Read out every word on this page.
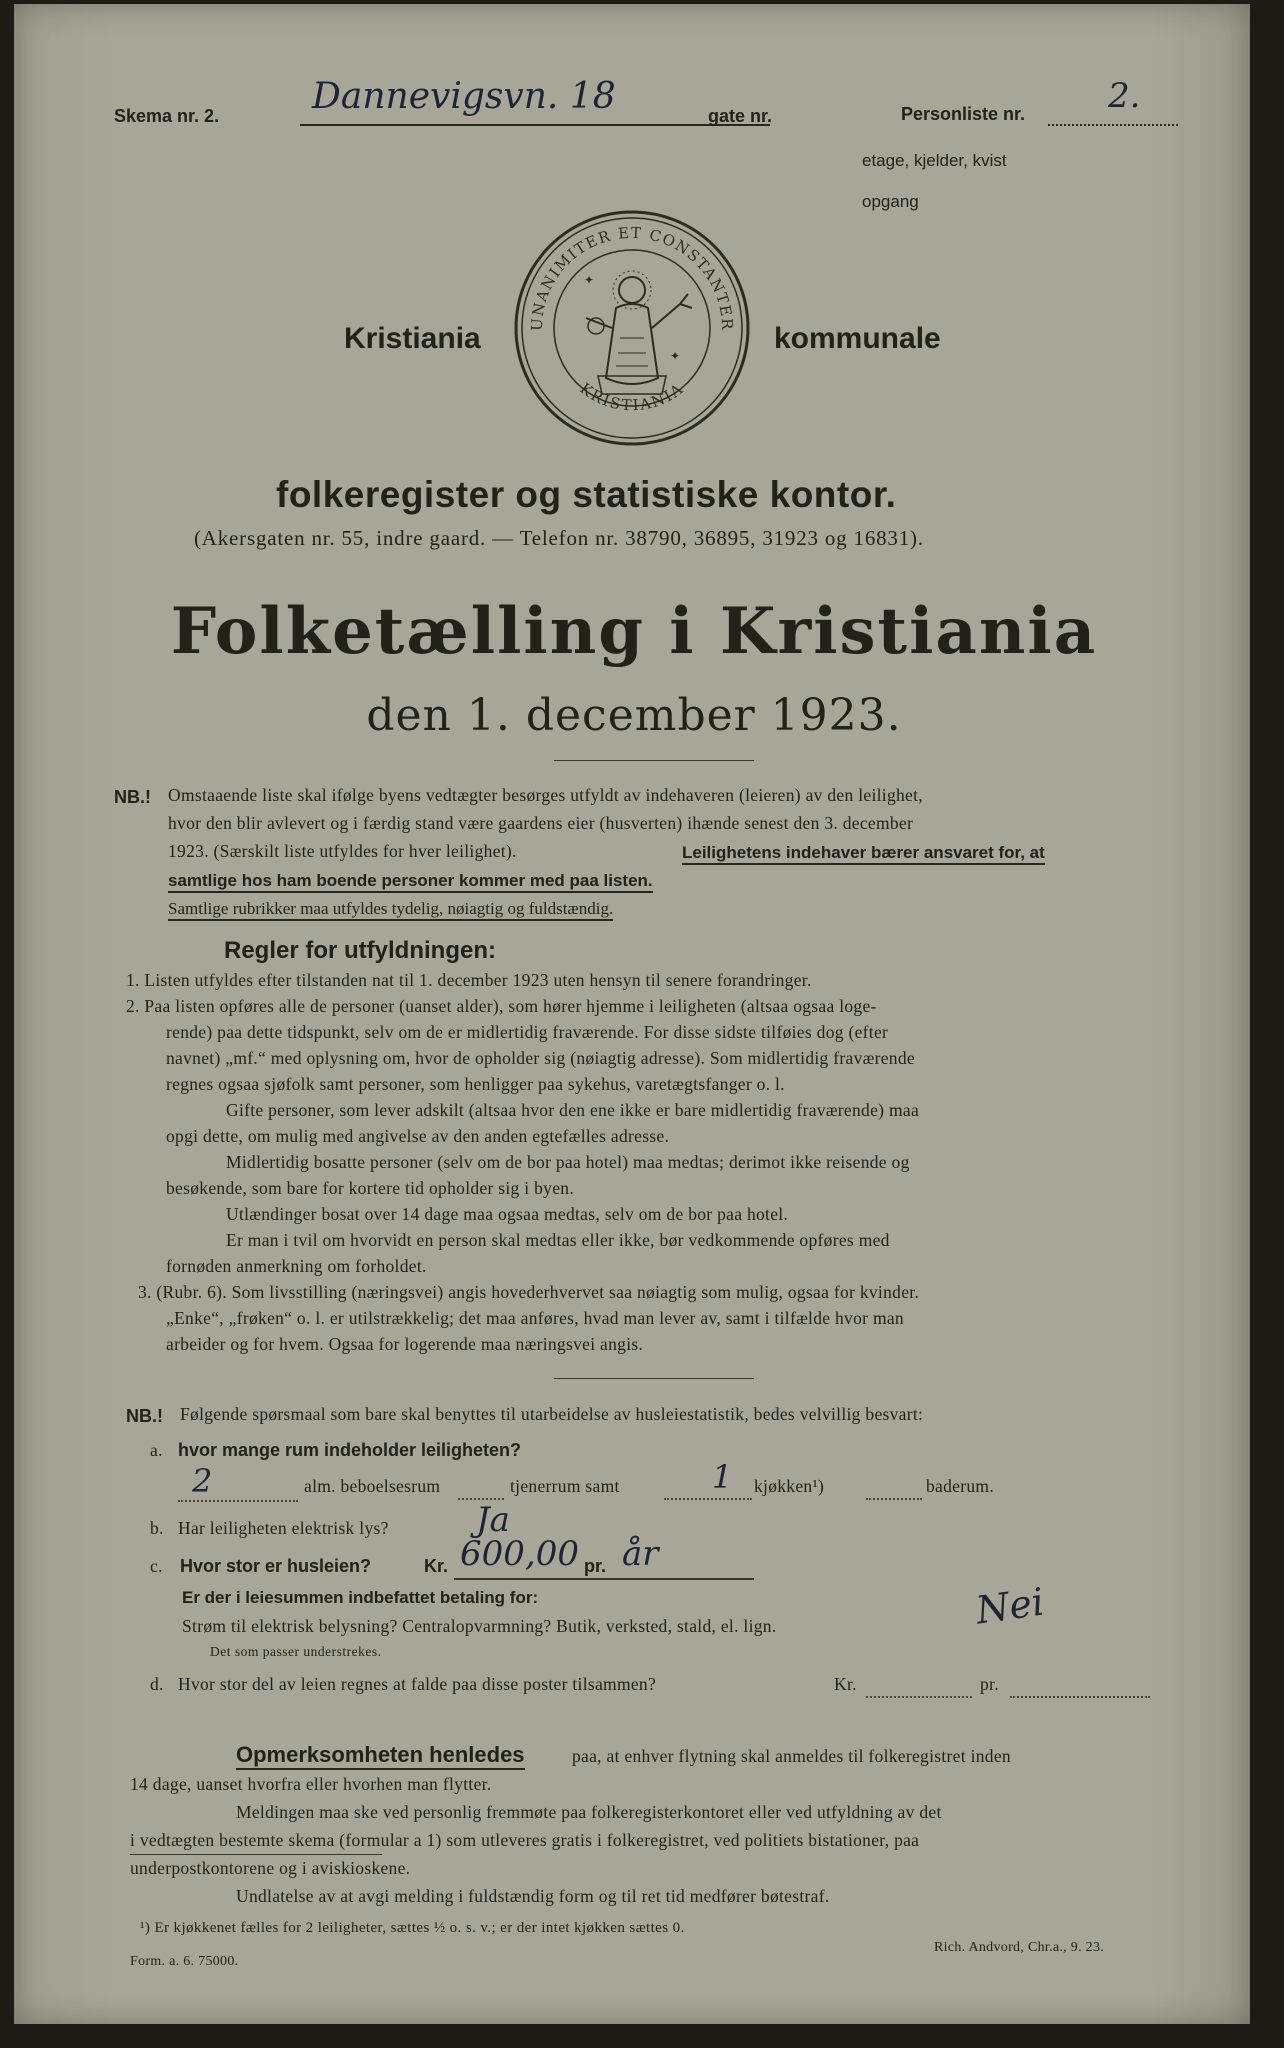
Skema nr. 2.	Dannevigsvn. 18	gate nr.	Personliste nr. 2.
etage, kjelder, kvist
opgang
Kristiania	kommunale
UNANIMITER ET CONSTANTER
KRISTIANIA
✦
✦
folkeregister og statistiske kontor.
(Akersgaten nr. 55, indre gaard. — Telefon nr. 38790, 36895, 31923 og 16831).
Folketælling i Kristiania
den 1. december 1923.
NB.! Omstaaende liste skal ifølge byens vedtægter besørges utfyldt av indehaveren (leieren) av den leilighet,
hvor den blir avlevert og i færdig stand være gaardens eier (husverten) ihænde senest den 3. december
1923. (Særskilt liste utfyldes for hver leilighet).	Leilighetens indehaver bærer ansvaret for, at
samtlige hos ham boende personer kommer med paa listen.
Samtlige rubrikker maa utfyldes tydelig, nøiagtig og fuldstændig.
Regler for utfyldningen:
1. Listen utfyldes efter tilstanden nat til 1. december 1923 uten hensyn til senere forandringer.
2. Paa listen opføres alle de personer (uanset alder), som hører hjemme i leiligheten (altsaa ogsaa loge-
rende) paa dette tidspunkt, selv om de er midlertidig fraværende. For disse sidste tilføies dog (efter
navnet) „mf.“ med oplysning om, hvor de opholder sig (nøiagtig adresse). Som midlertidig fraværende
regnes ogsaa sjøfolk samt personer, som henligger paa sykehus, varetægtsfanger o. l.
Gifte personer, som lever adskilt (altsaa hvor den ene ikke er bare midlertidig fraværende) maa
opgi dette, om mulig med angivelse av den anden egtefælles adresse.
Midlertidig bosatte personer (selv om de bor paa hotel) maa medtas; derimot ikke reisende og
besøkende, som bare for kortere tid opholder sig i byen.
Utlændinger bosat over 14 dage maa ogsaa medtas, selv om de bor paa hotel.
Er man i tvil om hvorvidt en person skal medtas eller ikke, bør vedkommende opføres med
fornøden anmerkning om forholdet.
3. (Rubr. 6). Som livsstilling (næringsvei) angis hovederhvervet saa nøiagtig som mulig, ogsaa for kvinder.
„Enke“, „frøken“ o. l. er utilstrækkelig; det maa anføres, hvad man lever av, samt i tilfælde hvor man
arbeider og for hvem. Ogsaa for logerende maa næringsvei angis.
NB.! Følgende spørsmaal som bare skal benyttes til utarbeidelse av husleiestatistik, bedes velvillig besvart:
a. hvor mange rum indeholder leiligheten?
2	alm. beboelsesrum	tjenerrum samt	1 kjøkken¹)	baderum.
b. Har leiligheten elektrisk lys?	Ja
c. Hvor stor er husleien?	Kr. 600,00 pr. år
Er der i leiesummen indbefattet betaling for:
Strøm til elektrisk belysning? Centralopvarmning? Butik, verksted, stald, el. lign.	Nei
Det som passer understrekes.
d. Hvor stor del av leien regnes at falde paa disse poster tilsammen?	Kr.	pr.
Opmerksomheten henledes	paa, at enhver flytning skal anmeldes til folkeregistret inden
14 dage, uanset hvorfra eller hvorhen man flytter.
Meldingen maa ske ved personlig fremmøte paa folkeregisterkontoret eller ved utfyldning av det
i vedtægten bestemte skema (formular a 1) som utleveres gratis i folkeregistret, ved politiets bistationer, paa
underpostkontorene og i aviskioskene.
Undlatelse av at avgi melding i fuldstændig form og til ret tid medfører bøtestraf.
¹) Er kjøkkenet fælles for 2 leiligheter, sættes ½ o. s. v.; er der intet kjøkken sættes 0.
Form. a. 6. 75000.
Rich. Andvord, Chr.a., 9. 23.
